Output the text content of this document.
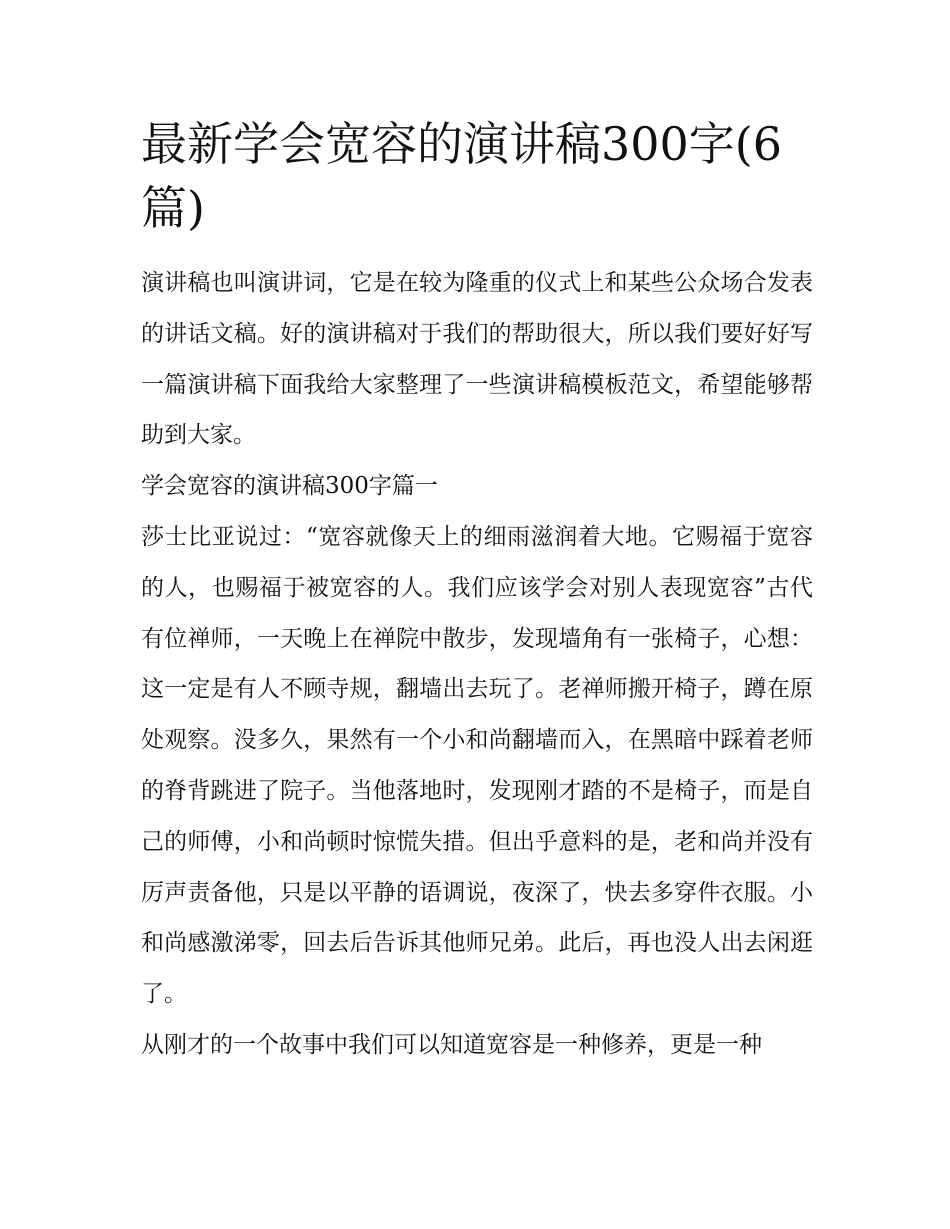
最新学会宽容的演讲稿300字(6篇)

演讲稿也叫演讲词，它是在较为隆重的仪式上和某些公众场合发表的讲话文稿。好的演讲稿对于我们的帮助很大，所以我们要好好写一篇演讲稿下面我给大家整理了一些演讲稿模板范文，希望能够帮助到大家。

学会宽容的演讲稿300字篇一

莎士比亚说过：“宽容就像天上的细雨滋润着大地。它赐福于宽容的人，也赐福于被宽容的人。我们应该学会对别人表现宽容”古代有位禅师，一天晚上在禅院中散步，发现墙角有一张椅子，心想：这一定是有人不顾寺规，翻墙出去玩了。老禅师搬开椅子，蹲在原处观察。没多久，果然有一个小和尚翻墙而入，在黑暗中踩着老师的脊背跳进了院子。当他落地时，发现刚才踏的不是椅子，而是自己的师傅，小和尚顿时惊慌失措。但出乎意料的是，老和尚并没有厉声责备他，只是以平静的语调说，夜深了，快去多穿件衣服。小和尚感激涕零，回去后告诉其他师兄弟。此后，再也没人出去闲逛了。

从刚才的一个故事中我们可以知道宽容是一种修养，更是一种
